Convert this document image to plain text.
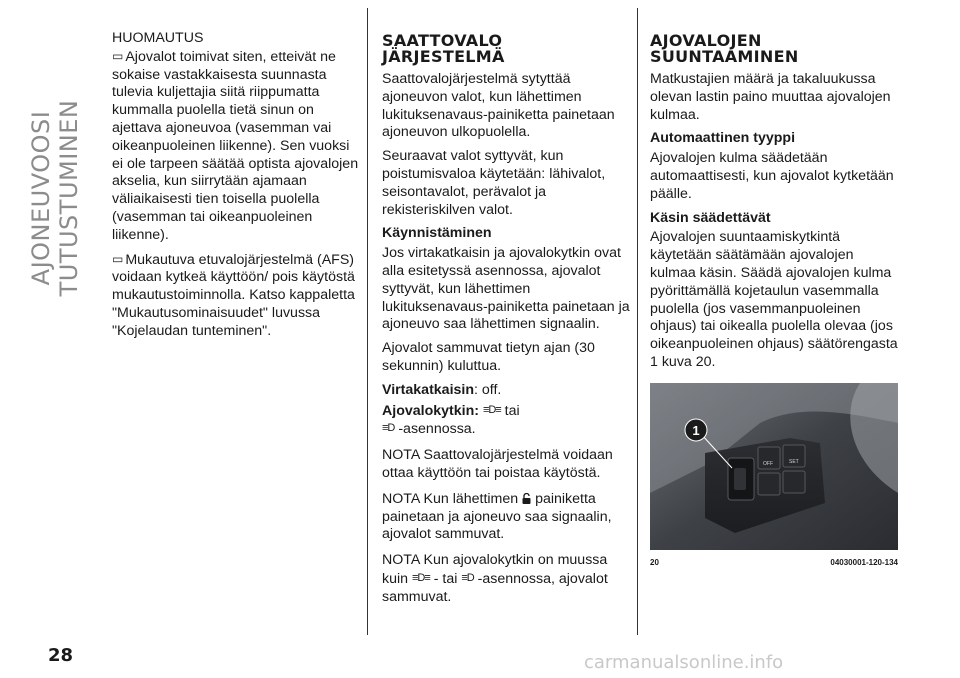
AJONEUVOOSI TUTUSTUMINEN
HUOMAUTUS

▭ Ajovalot toimivat siten, etteivät ne sokaise vastakkaisesta suunnasta tulevia kuljettajia siitä riippumatta kummalla puolella tietä sinun on ajettava ajoneuvoa (vasemman vai oikeanpuoleinen liikenne). Sen vuoksi ei ole tarpeen säätää optista ajovalojen akselia, kun siirrytään ajamaan väliaikaisesti tien toisella puolella (vasemman tai oikeanpuoleinen liikenne).

▭ Mukautuva etuvalojärjestelmä (AFS) voidaan kytkeä käyttöön/ pois käytöstä mukautustoiminnolla. Katso kappaletta "Mukautusominaisuudet" luvussa "Kojelaudan tunteminen".

SAATTOVALO JÄRJESTELMÄ

Saattovalojärjestelmä sytyttää ajoneuvon valot, kun lähettimen lukituksenavaus-painiketta painetaan ajoneuvon ulkopuolella.

Seuraavat valot syttyvät, kun poistumisvaloa käytetään: lähivalot, seisontavalot, perävalot ja rekisteriskilven valot.

Käynnistäminen

Jos virtakatkaisin ja ajovalokytkin ovat alla esitetyssä asennossa, ajovalot syttyvät, kun lähettimen lukituksenavaus-painiketta painetaan ja ajoneuvo saa lähettimen signaalin.

Ajovalot sammuvat tietyn ajan (30 sekunnin) kuluttua.

Virtakatkaisin: off.

Ajovalokytkin: ≡D≡ tai
≡D -asennossa.

NOTA Saattovalojärjestelmä voidaan ottaa käyttöön tai poistaa käytöstä.

NOTA Kun lähettimen painiketta painetaan ja ajoneuvo saa signaalin, ajovalot sammuvat.

NOTA Kun ajovalokytkin on muussa kuin ≡D≡ - tai ≡D -asennossa, ajovalot sammuvat.

AJOVALOJEN SUUNTAAMINEN

Matkustajien määrä ja takaluukussa olevan lastin paino muuttaa ajovalojen kulmaa.

Automaattinen tyyppi

Ajovalojen kulma säädetään automaattisesti, kun ajovalot kytketään päälle.

Käsin säädettävät

Ajovalojen suuntaamiskytkintä käytetään säätämään ajovalojen kulmaa käsin. Säädä ajovalojen kulma pyörittämällä kojetaulun vasemmalla puolella (jos vasemmanpuoleinen ohjaus) tai oikealla puolella olevaa (jos oikeanpuoleinen ohjaus) säätörengasta 1 kuva 20.

OFF	SET
1
20	04030001-120-134
28	carmanualsonline.info
